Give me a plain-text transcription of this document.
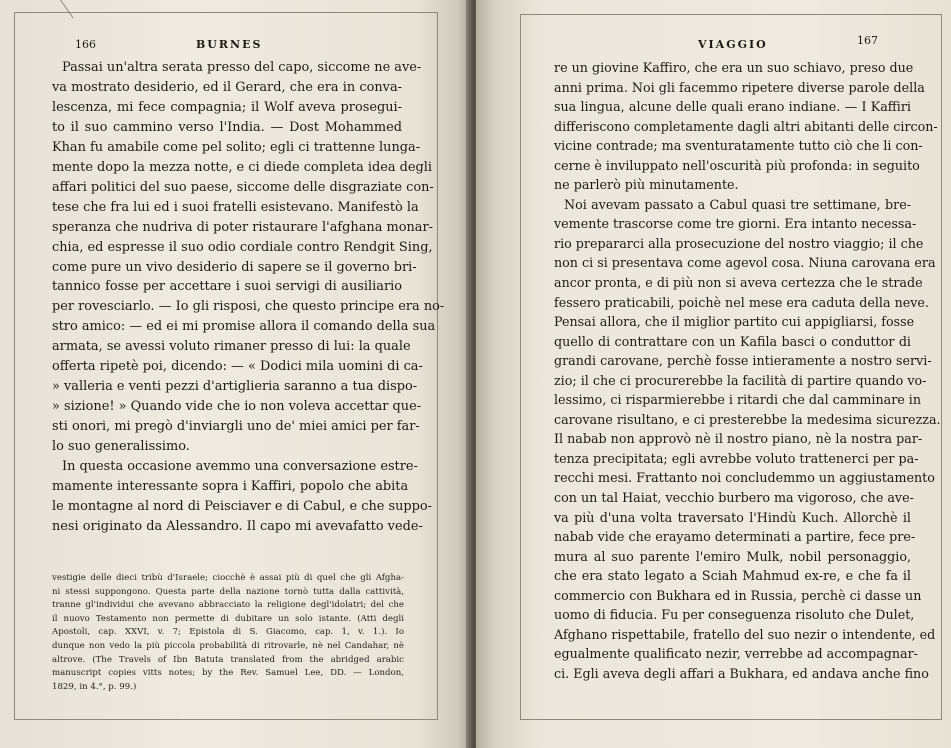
166	BURNES
Passai un'altra serata presso del capo, siccome ne ave-
va mostrato desiderio, ed il Gerard, che era in conva-
lescenza, mi fece compagnia; il Wolf aveva prosegui-
to il suo cammino verso l'India. — Dost Mohammed
Khan fu amabile come pel solito; egli ci trattenne lunga-
mente dopo la mezza notte, e ci diede completa idea degli
affari politici del suo paese, siccome delle disgraziate con-
tese che fra lui ed i suoi fratelli esistevano. Manifestò la
speranza che nudriva di poter ristaurare l'afghana monar-
chia, ed espresse il suo odio cordiale contro Rendgit Sing,
come pure un vivo desiderio di sapere se il governo bri-
tannico fosse per accettare i suoi servigi di ausiliario
per rovesciarlo. — Io gli risposi, che questo principe era no-
stro amico: — ed ei mi promise allora il comando della sua
armata, se avessi voluto rimaner presso di lui: la quale
offerta ripetè poi, dicendo: — « Dodici mila uomini di ca-
» valleria e venti pezzi d'artiglieria saranno a tua dispo-
» sizione! » Quando vide che io non voleva accettar que-
sti onori, mi pregò d'inviargli uno de' miei amici per far-
lo suo generalissimo.
In questa occasione avemmo una conversazione estre-
mamente interessante sopra i Kaffiri, popolo che abita
le montagne al nord di Peisciaver e di Cabul, e che suppo-
nesi originato da Alessandro. Il capo mi avevafatto vede-
vestigie delle dieci tribù d'Israele; ciocchè è assai più di quel che gli Afgha-
ni stessi suppongono. Questa parte della nazione tornò tutta dalla cattività,
tranne gl'individui che avevano abbracciato la religione degl'idolatri; del che
il nuovo Testamento non permette di dubitare un solo istante. (Atti degli
Apostoli, cap. XXVI, v. 7; Epistola di S. Giacomo, cap. 1, v. 1.). Io
dunque non vedo la più piccola probabilità di ritrovarle, nè nel Candahar, nè
altrove. (The Travels of Ibn Batuta translated from the abridged arabic
manuscript copies vitts notes; by the Rev. Samuel Lee, DD. — London,
1829, in 4.°, p. 99.)
VIAGGIO	167
re un giovine Kaffiro, che era un suo schiavo, preso due
anni prima. Noi gli facemmo ripetere diverse parole della
sua lingua, alcune delle quali erano indiane. — I Kaffiri
differiscono completamente dagli altri abitanti delle circon-
vicine contrade; ma sventuratamente tutto ciò che li con-
cerne è inviluppato nell'oscurità più profonda: in seguito
ne parlerò più minutamente.
Noi avevam passato a Cabul quasi tre settimane, bre-
vemente trascorse come tre giorni. Era intanto necessa-
rio prepararci alla prosecuzione del nostro viaggio; il che
non ci si presentava come agevol cosa. Niuna carovana era
ancor pronta, e di più non si aveva certezza che le strade
fessero praticabili, poichè nel mese era caduta della neve.
Pensai allora, che il miglior partito cui appigliarsi, fosse
quello di contrattare con un Kafila basci o conduttor di
grandi carovane, perchè fosse intieramente a nostro servi-
zio; il che ci procurerebbe la facilità di partire quando vo-
lessimo, ci risparmierebbe i ritardi che dal camminare in
carovane risultano, e ci presterebbe la medesima sicurezza.
Il nabab non approvò nè il nostro piano, nè la nostra par-
tenza precipitata; egli avrebbe voluto trattenerci per pa-
recchi mesi. Frattanto noi concludemmo un aggiustamento
con un tal Haiat, vecchio burbero ma vigoroso, che ave-
va più d'una volta traversato l'Hindù Kuch. Allorchè il
nabab vide che erayamo determinati a partire, fece pre-
mura al suo parente l'emiro Mulk, nobil personaggio,
che era stato legato a Sciah Mahmud ex-re, e che fa il
commercio con Bukhara ed in Russia, perchè ci dasse un
uomo di fiducia. Fu per conseguenza risoluto che Dulet,
Afghano rispettabile, fratello del suo nezir o intendente, ed
egualmente qualificato nezir, verrebbe ad accompagnar-
ci. Egli aveva degli affari a Bukhara, ed andava anche fino
